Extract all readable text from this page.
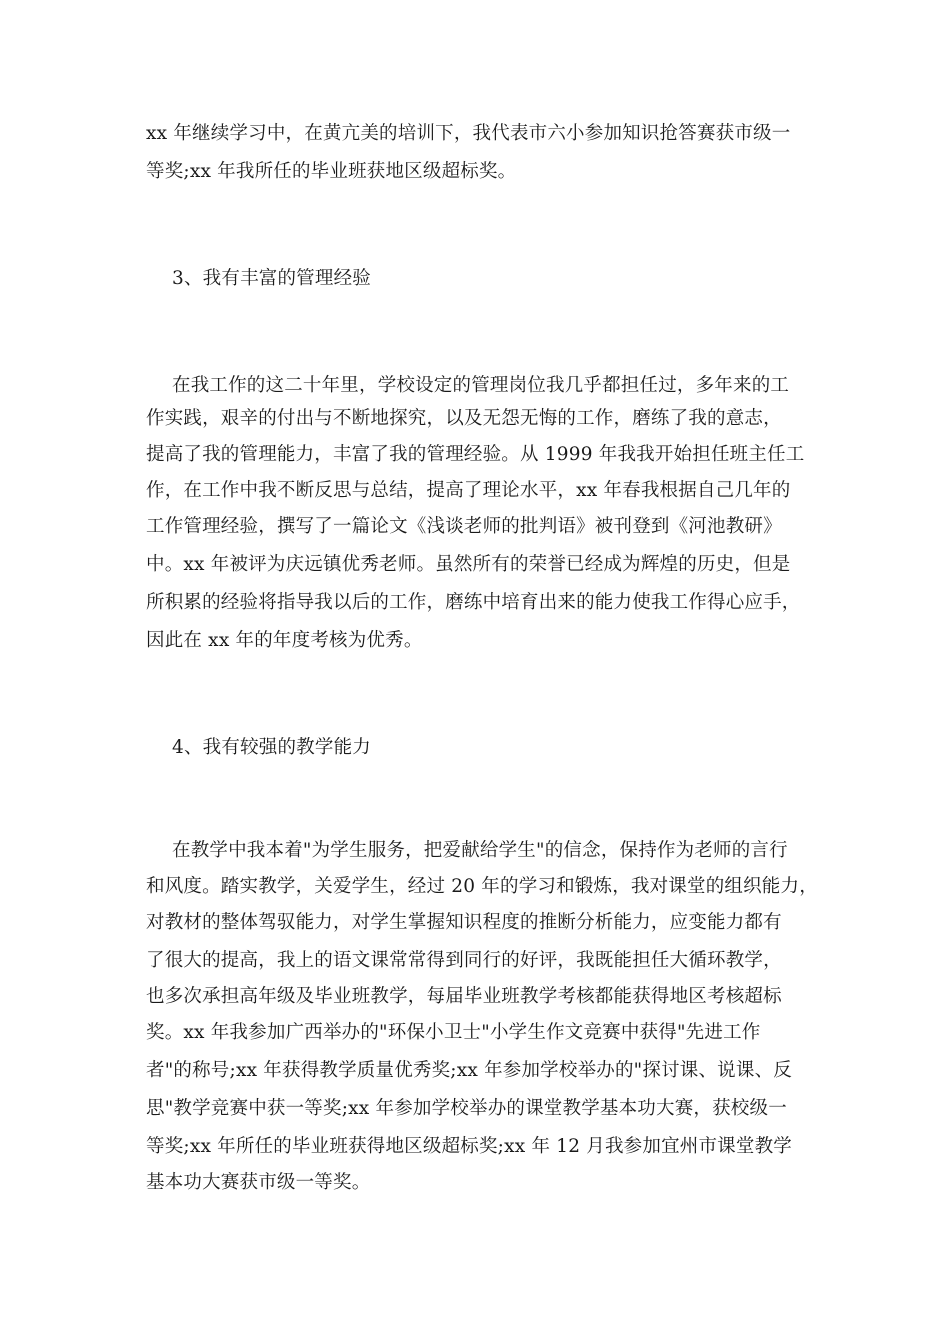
xx 年继续学习中，在黄亢美的培训下，我代表市六小参加知识抢答赛获市级一
等奖;xx 年我所任的毕业班获地区级超标奖。
3、我有丰富的管理经验
在我工作的这二十年里，学校设定的管理岗位我几乎都担任过，多年来的工
作实践，艰辛的付出与不断地探究，以及无怨无悔的工作，磨练了我的意志，
提高了我的管理能力，丰富了我的管理经验。从 1999 年我我开始担任班主任工
作，在工作中我不断反思与总结，提高了理论水平，xx 年春我根据自己几年的
工作管理经验，撰写了一篇论文《浅谈老师的批判语》被刊登到《河池教研》
中。xx 年被评为庆远镇优秀老师。虽然所有的荣誉已经成为辉煌的历史，但是
所积累的经验将指导我以后的工作，磨练中培育出来的能力使我工作得心应手，
因此在 xx 年的年度考核为优秀。
4、我有较强的教学能力
在教学中我本着"为学生服务，把爱献给学生"的信念，保持作为老师的言行
和风度。踏实教学，关爱学生，经过 20 年的学习和锻炼，我对课堂的组织能力，
对教材的整体驾驭能力，对学生掌握知识程度的推断分析能力，应变能力都有
了很大的提高，我上的语文课常常得到同行的好评，我既能担任大循环教学，
也多次承担高年级及毕业班教学，每届毕业班教学考核都能获得地区考核超标
奖。xx 年我参加广西举办的"环保小卫士"小学生作文竞赛中获得"先进工作
者"的称号;xx 年获得教学质量优秀奖;xx 年参加学校举办的"探讨课、说课、反
思"教学竞赛中获一等奖;xx 年参加学校举办的课堂教学基本功大赛，获校级一
等奖;xx 年所任的毕业班获得地区级超标奖;xx 年 12 月我参加宜州市课堂教学
基本功大赛获市级一等奖。
